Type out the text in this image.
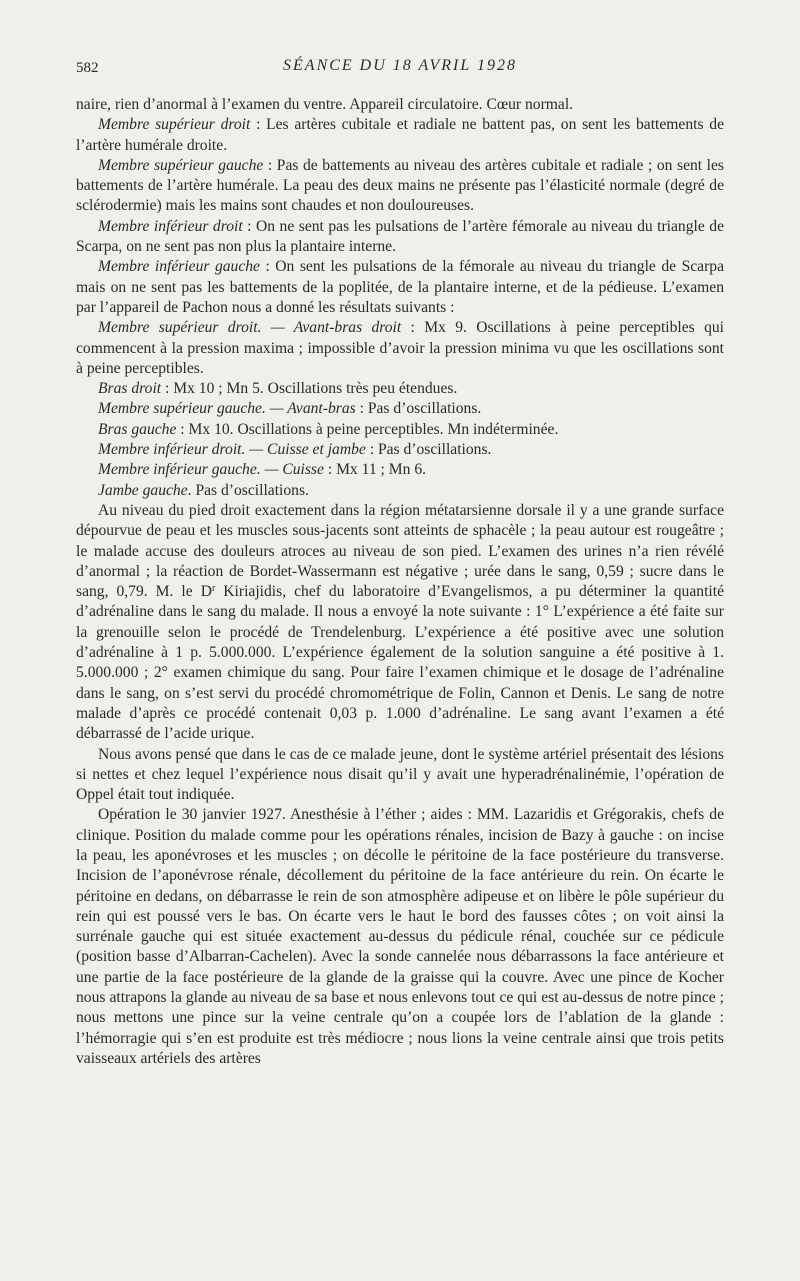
582	SÉANCE DU 18 AVRIL 1928

naire, rien d’anormal à l’examen du ventre. Appareil circulatoire. Cœur normal.

Membre supérieur droit : Les artères cubitale et radiale ne battent pas, on sent les battements de l’artère humérale droite.

Membre supérieur gauche : Pas de battements au niveau des artères cubitale et radiale ; on sent les battements de l’artère humérale. La peau des deux mains ne présente pas l’élasticité normale (degré de sclérodermie) mais les mains sont chaudes et non douloureuses.

Membre inférieur droit : On ne sent pas les pulsations de l’artère fémorale au niveau du triangle de Scarpa, on ne sent pas non plus la plantaire interne.

Membre inférieur gauche : On sent les pulsations de la fémorale au niveau du triangle de Scarpa mais on ne sent pas les battements de la poplitée, de la plantaire interne, et de la pédieuse. L’examen par l’appareil de Pachon nous a donné les résultats suivants :

Membre supérieur droit. — Avant-bras droit : Mx 9. Oscillations à peine perceptibles qui commencent à la pression maxima ; impossible d’avoir la pression minima vu que les oscillations sont à peine perceptibles.

Bras droit : Mx 10 ; Mn 5. Oscillations très peu étendues.

Membre supérieur gauche. — Avant-bras : Pas d’oscillations.

Bras gauche : Mx 10. Oscillations à peine perceptibles. Mn indéterminée.

Membre inférieur droit. — Cuisse et jambe : Pas d’oscillations.

Membre inférieur gauche. — Cuisse : Mx 11 ; Mn 6.

Jambe gauche. Pas d’oscillations.

Au niveau du pied droit exactement dans la région métatarsienne dorsale il y a une grande surface dépourvue de peau et les muscles sous-jacents sont atteints de sphacèle ; la peau autour est rougeâtre ; le malade accuse des douleurs atroces au niveau de son pied. L’examen des urines n’a rien révélé d’anormal ; la réaction de Bordet-Wassermann est négative ; urée dans le sang, 0,59 ; sucre dans le sang, 0,79. M. le $D^r$ Kiriajidis, chef du laboratoire d’Evangelismos, a pu déterminer la quantité d’adrénaline dans le sang du malade. Il nous a envoyé la note suivante : 1° L’expérience a été faite sur la grenouille selon le procédé de Trendelenburg. L’expérience a été positive avec une solution d’adrénaline à 1 p. 5.000.000. L’expérience également de la solution sanguine a été positive à 1. 5.000.000 ; 2° examen chimique du sang. Pour faire l’examen chimique et le dosage de l’adrénaline dans le sang, on s’est servi du procédé chromométrique de Folin, Cannon et Denis. Le sang de notre malade d’après ce procédé contenait 0,03 p. 1.000 d’adrénaline. Le sang avant l’examen a été débarrassé de l’acide urique.

Nous avons pensé que dans le cas de ce malade jeune, dont le système artériel présentait des lésions si nettes et chez lequel l’expérience nous disait qu’il y avait une hyperadrénalinémie, l’opération de Oppel était tout indiquée.

Opération le 30 janvier 1927. Anesthésie à l’éther ; aides : MM. Lazaridis et Grégorakis, chefs de clinique. Position du malade comme pour les opérations rénales, incision de Bazy à gauche : on incise la peau, les aponévroses et les muscles ; on décolle le péritoine de la face postérieure du transverse. Incision de l’aponévrose rénale, décollement du péritoine de la face antérieure du rein. On écarte le péritoine en dedans, on débarrasse le rein de son atmosphère adipeuse et on libère le pôle supérieur du rein qui est poussé vers le bas. On écarte vers le haut le bord des fausses côtes ; on voit ainsi la surrénale gauche qui est située exactement au-dessus du pédicule rénal, couchée sur ce pédicule (position basse d’Albarran-Cachelen). Avec la sonde cannelée nous débarrassons la face antérieure et une partie de la face postérieure de la glande de la graisse qui la couvre. Avec une pince de Kocher nous attrapons la glande au niveau de sa base et nous enlevons tout ce qui est au-dessus de notre pince ; nous mettons une pince sur la veine centrale qu’on a coupée lors de l’ablation de la glande : l’hémorragie qui s’en est produite est très médiocre ; nous lions la veine centrale ainsi que trois petits vaisseaux artériels des artères
